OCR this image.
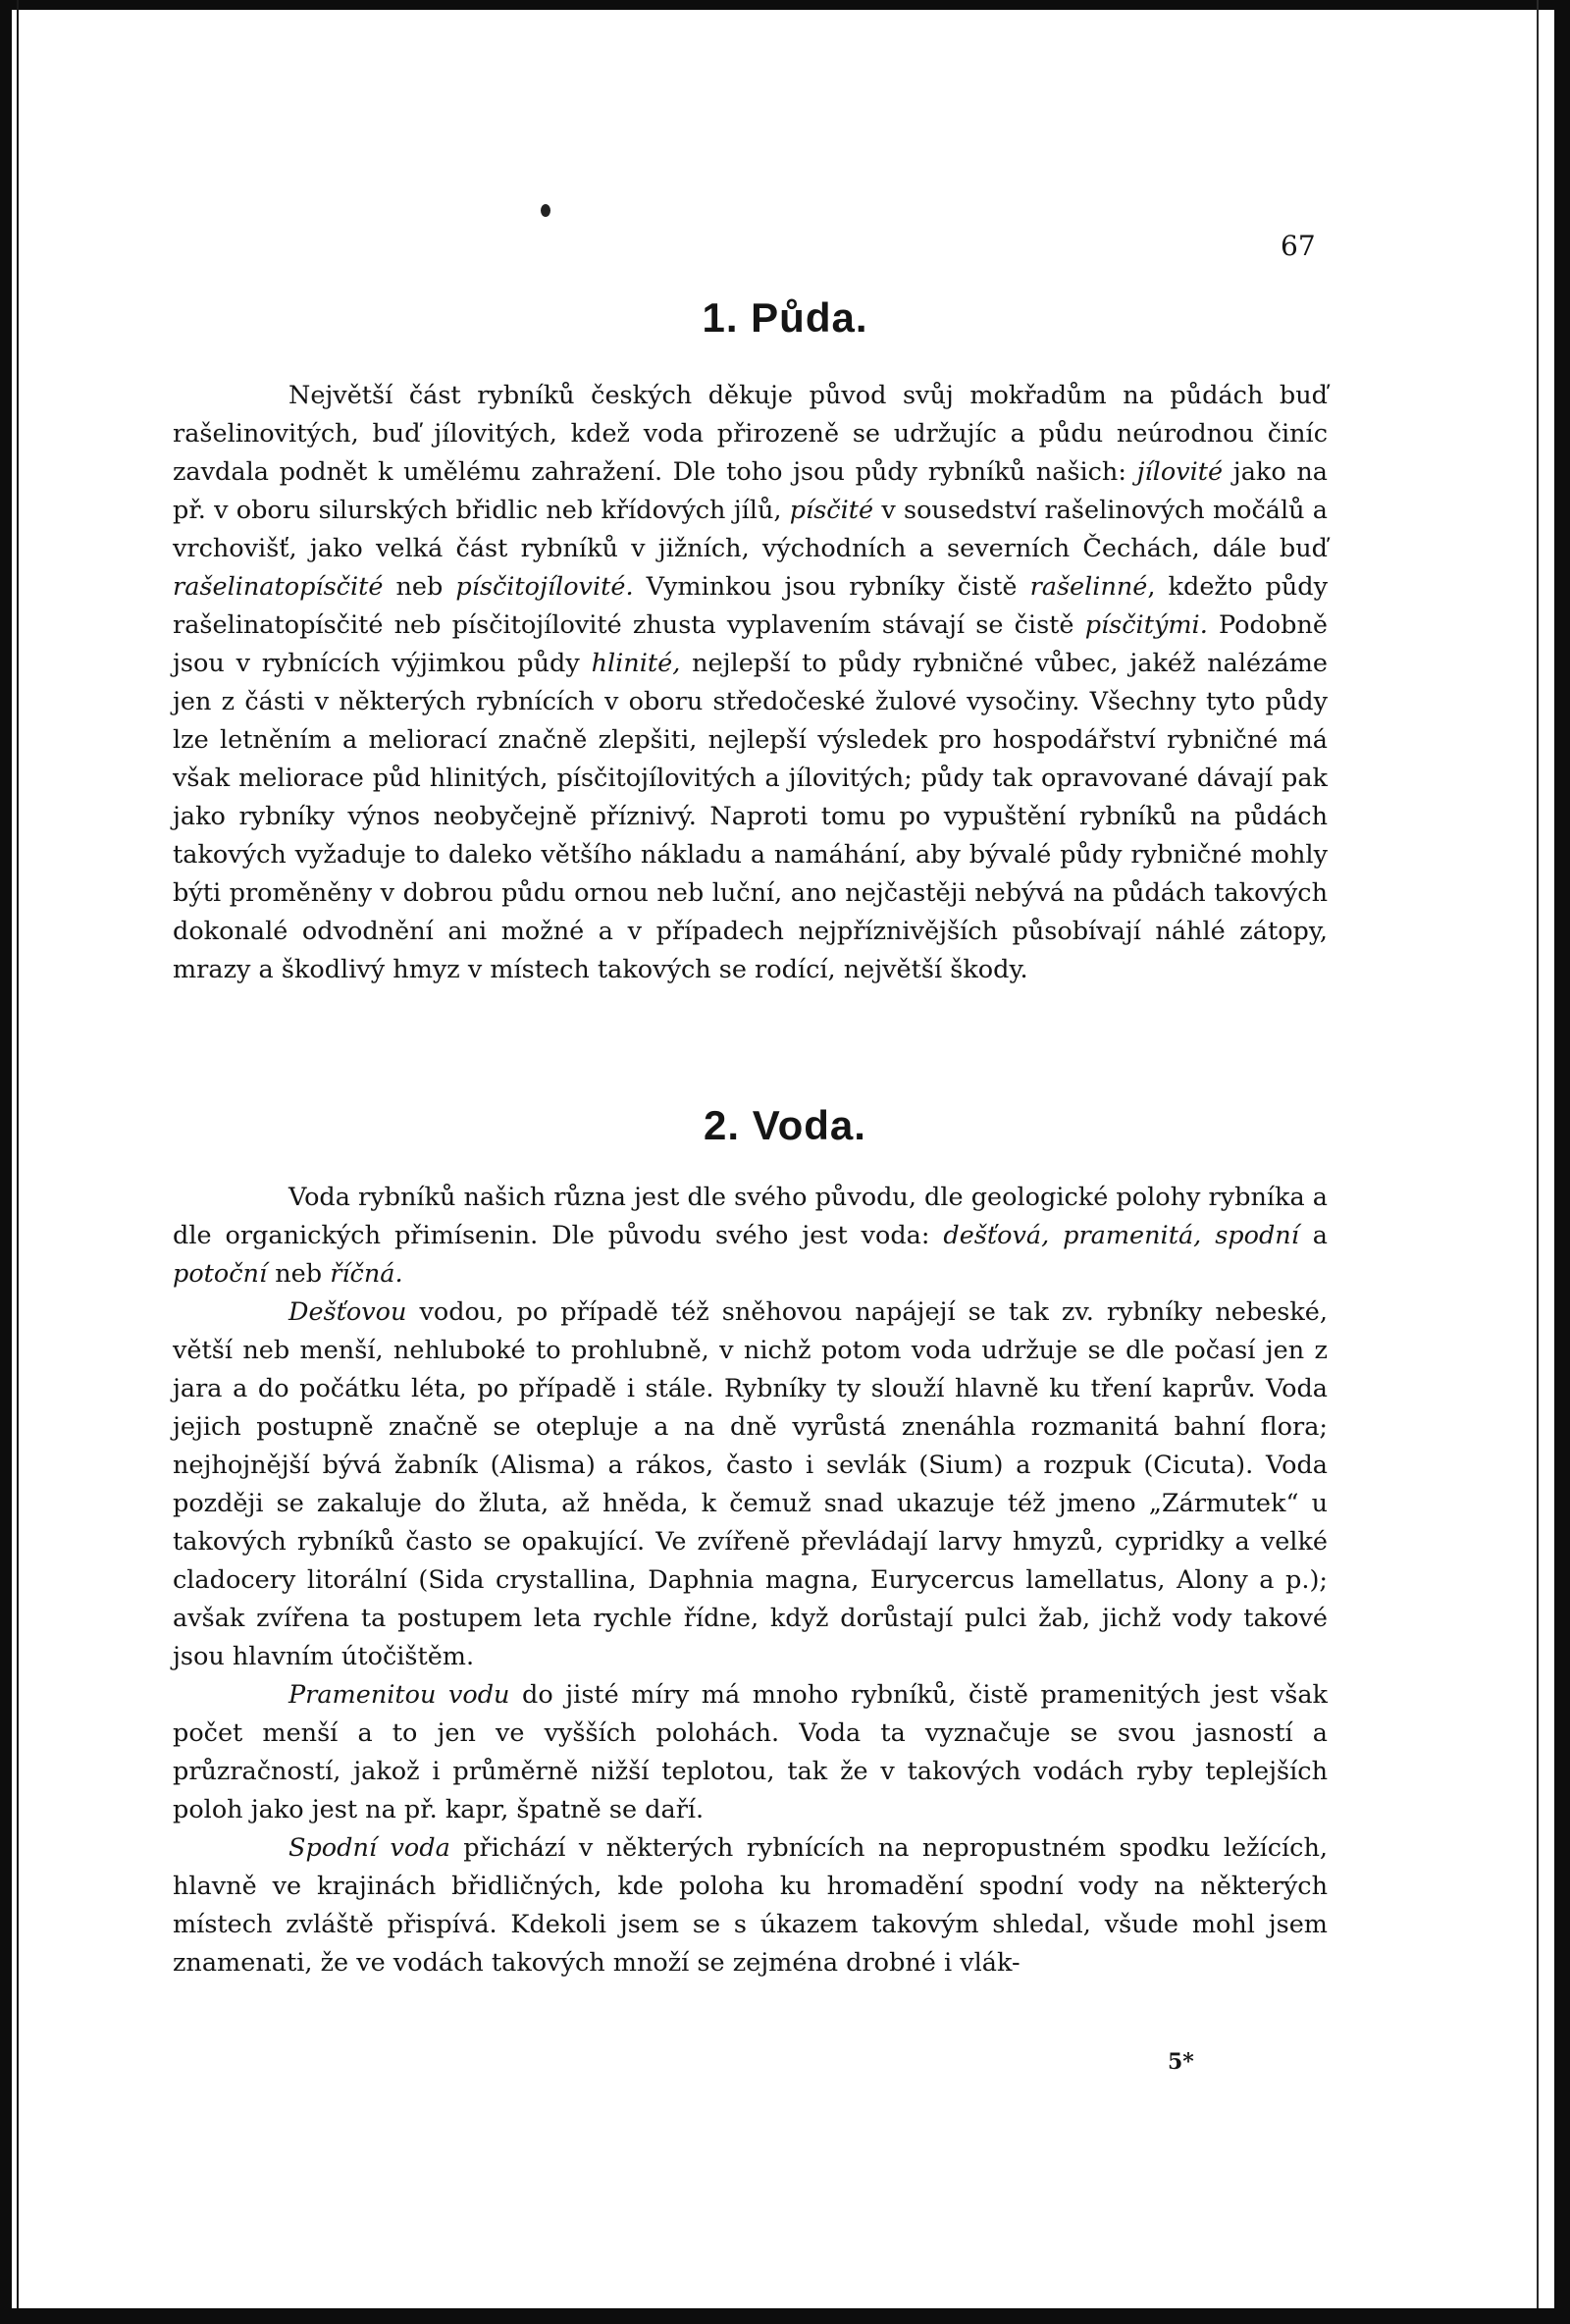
67
1. Půda.

Největší část rybníků českých děkuje původ svůj mokřadům na půdách buď rašelinovitých, buď jílovitých, kdež voda přirozeně se udržujíc a půdu neúrodnou činíc zavdala podnět k umělému zahražení. Dle toho jsou půdy rybníků našich: jílovité jako na př. v oboru silurských břidlic neb křídových jílů, písčité v sousedství rašelinových močálů a vrchovišť, jako velká část rybníků v jižních, východních a severních Čechách, dále buď rašelinatopísčité neb písčitojílovité. Vyminkou jsou rybníky čistě rašelinné, kdežto půdy rašelinatopísčité neb písčitojílovité zhusta vyplavením stávají se čistě písčitými. Podobně jsou v rybnících výjimkou půdy hlinité, nejlepší to půdy rybničné vůbec, jakéž nalézáme jen z části v některých rybnících v oboru středočeské žulové vysočiny. Všechny tyto půdy lze letněním a meliorací značně zlepšiti, nejlepší výsledek pro hospodářství rybničné má však meliorace půd hlinitých, písčitojílovitých a jílovitých; půdy tak opravované dávají pak jako rybníky výnos neobyčejně příznivý. Naproti tomu po vypuštění rybníků na půdách takových vyžaduje to daleko většího nákladu a namáhání, aby bývalé půdy rybničné mohly býti proměněny v dobrou půdu ornou neb luční, ano nejčastěji nebývá na půdách takových dokonalé odvodnění ani možné a v případech nejpříznivějších působívají náhlé zátopy, mrazy a škodlivý hmyz v místech takových se rodící, největší škody.

2. Voda.

Voda rybníků našich různa jest dle svého původu, dle geologické polohy rybníka a dle organických přimísenin. Dle původu svého jest voda: dešťová, pramenitá, spodní a potoční neb říčná.

Dešťovou vodou, po případě též sněhovou napájejí se tak zv. rybníky nebeské, větší neb menší, nehluboké to prohlubně, v nichž potom voda udržuje se dle počasí jen z jara a do počátku léta, po případě i stále. Rybníky ty slouží hlavně ku tření kaprův. Voda jejich postupně značně se otepluje a na dně vyrůstá znenáhla rozmanitá bahní flora; nejhojnější bývá žabník (Alisma) a rákos, často i sevlák (Sium) a rozpuk (Cicuta). Voda později se zakaluje do žluta, až hněda, k čemuž snad ukazuje též jmeno „Zármutek“ u takových rybníků často se opakující. Ve zvířeně převládají larvy hmyzů, cypridky a velké cladocery litorální (Sida crystallina, Daphnia magna, Eurycercus lamellatus, Alony a p.); avšak zvířena ta postupem leta rychle řídne, když dorůstají pulci žab, jichž vody takové jsou hlavním útočištěm.

Pramenitou vodu do jisté míry má mnoho rybníků, čistě pramenitých jest však počet menší a to jen ve vyšších polohách. Voda ta vyznačuje se svou jasností a průzračností, jakož i průměrně nižší teplotou, tak že v takových vodách ryby teplejších poloh jako jest na př. kapr, špatně se daří.

Spodní voda přichází v některých rybnících na nepropustném spodku ležících, hlavně ve krajinách břidličných, kde poloha ku hromadění spodní vody na některých místech zvláště přispívá. Kdekoli jsem se s úkazem takovým shledal, všude mohl jsem znamenati, že ve vodách takových množí se zejména drobné i vlák-

5*
